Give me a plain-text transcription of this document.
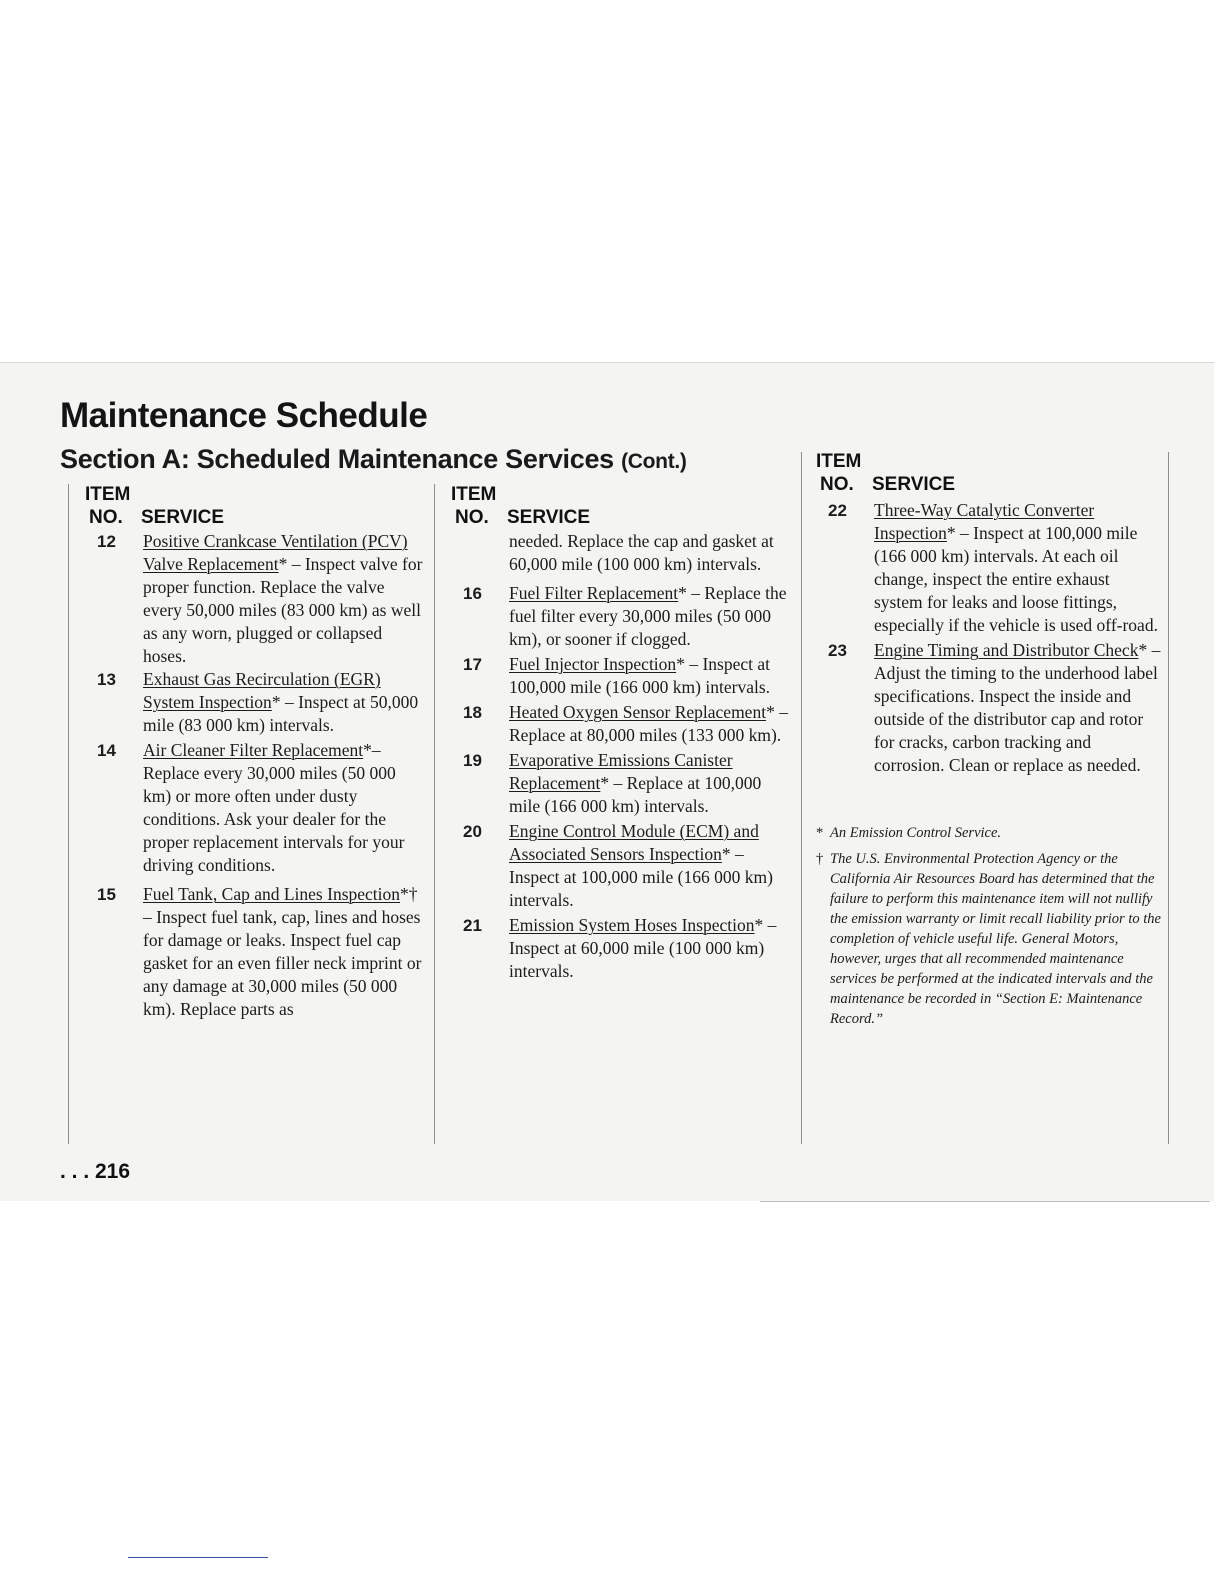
Maintenance Schedule
Section A: Scheduled Maintenance Services (Cont.)
ITEM
NO. SERVICE
12 Positive Crankcase Ventilation (PCV) Valve Replacement* – Inspect valve for proper function. Replace the valve every 50,000 miles (83 000 km) as well as any worn, plugged or collapsed hoses.
13 Exhaust Gas Recirculation (EGR) System Inspection* – Inspect at 50,000 mile (83 000 km) intervals.
14 Air Cleaner Filter Replacement*– Replace every 30,000 miles (50 000 km) or more often under dusty conditions. Ask your dealer for the proper replacement intervals for your driving conditions.
15 Fuel Tank, Cap and Lines Inspection*† – Inspect fuel tank, cap, lines and hoses for damage or leaks. Inspect fuel cap gasket for an even filler neck imprint or any damage at 30,000 miles (50 000 km). Replace parts as
ITEM
NO. SERVICE
needed. Replace the cap and gasket at 60,000 mile (100 000 km) intervals.
16 Fuel Filter Replacement* – Replace the fuel filter every 30,000 miles (50 000 km), or sooner if clogged.
17 Fuel Injector Inspection* – Inspect at 100,000 mile (166 000 km) intervals.
18 Heated Oxygen Sensor Replacement* – Replace at 80,000 miles (133 000 km).
19 Evaporative Emissions Canister Replacement* – Replace at 100,000 mile (166 000 km) intervals.
20 Engine Control Module (ECM) and Associated Sensors Inspection* – Inspect at 100,000 mile (166 000 km) intervals.
21 Emission System Hoses Inspection* – Inspect at 60,000 mile (100 000 km) intervals.
ITEM
NO. SERVICE
22 Three-Way Catalytic Converter Inspection* – Inspect at 100,000 mile (166 000 km) intervals. At each oil change, inspect the entire exhaust system for leaks and loose fittings, especially if the vehicle is used off-road.
23 Engine Timing and Distributor Check* – Adjust the timing to the underhood label specifications. Inspect the inside and outside of the distributor cap and rotor for cracks, carbon tracking and corrosion. Clean or replace as needed.
* An Emission Control Service.
† The U.S. Environmental Protection Agency or the California Air Resources Board has determined that the failure to perform this maintenance item will not nullify the emission warranty or limit recall liability prior to the completion of vehicle useful life. General Motors, however, urges that all recommended maintenance services be performed at the indicated intervals and the maintenance be recorded in “Section E: Maintenance Record.”
. . . 216
